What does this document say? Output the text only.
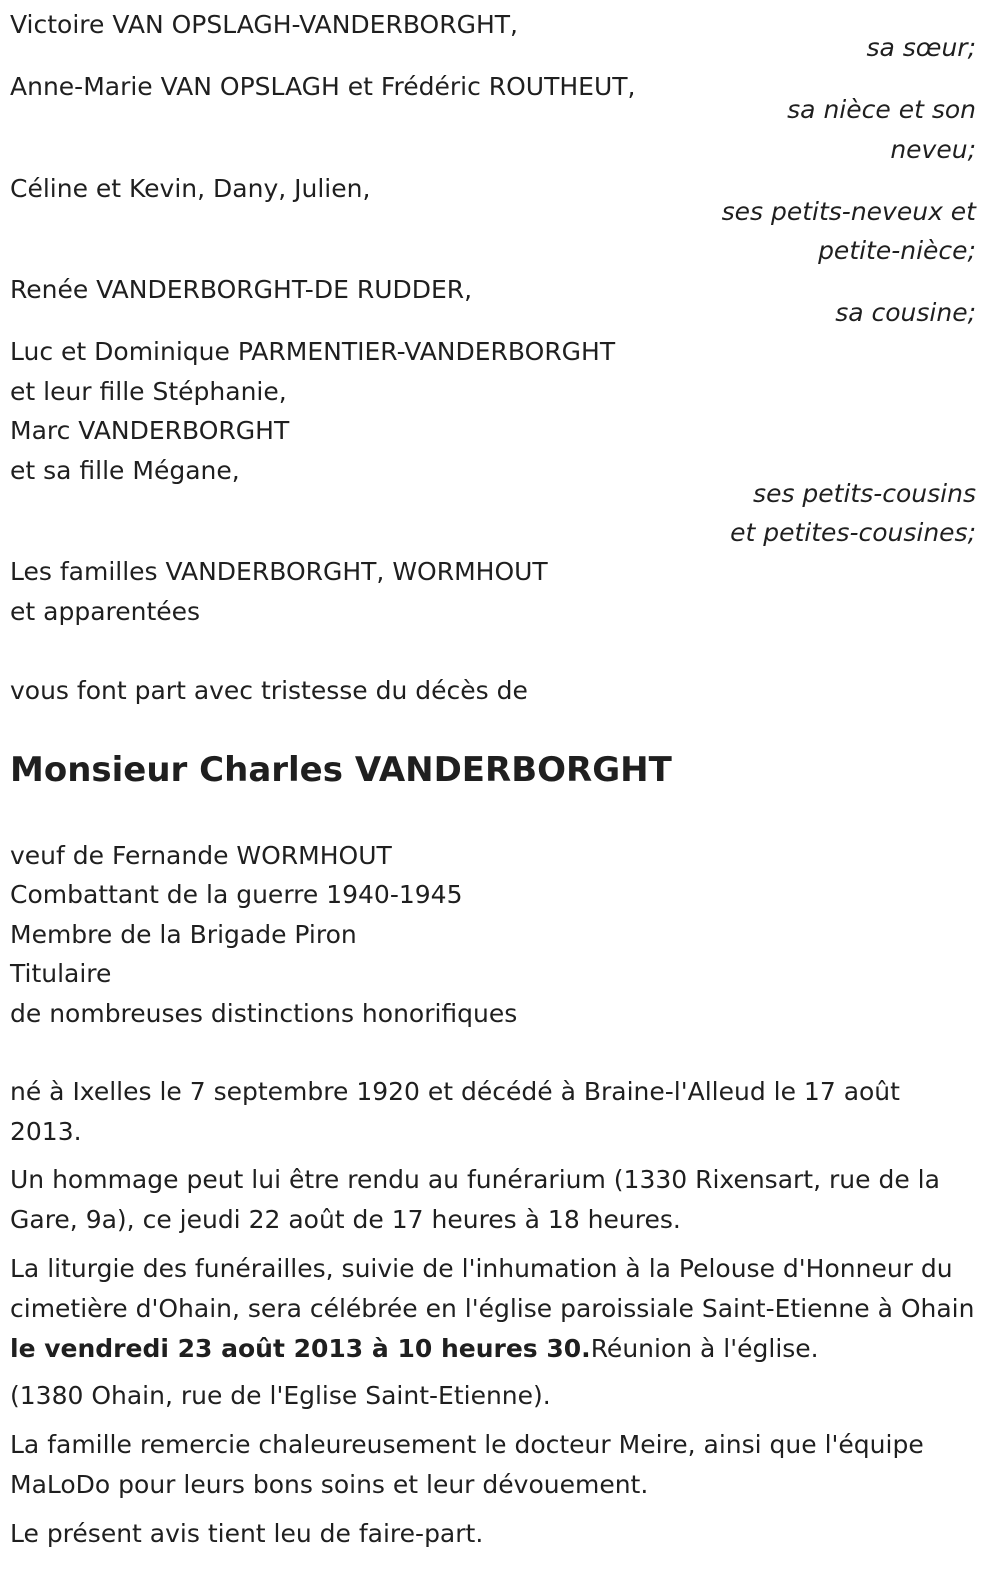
Victoire VAN OPSLAGH-VANDERBORGHT,
sa sœur;
Anne-Marie VAN OPSLAGH et Frédéric ROUTHEUT,
sa nièce et son
neveu;
Céline et Kevin, Dany, Julien,
ses petits-neveux et
petite-nièce;
Renée VANDERBORGHT-DE RUDDER,
sa cousine;
Luc et Dominique PARMENTIER-VANDERBORGHT
et leur fille Stéphanie,
Marc VANDERBORGHT
et sa fille Mégane,
ses petits-cousins
et petites-cousines;
Les familles VANDERBORGHT, WORMHOUT
et apparentées
vous font part avec tristesse du décès de
Monsieur Charles VANDERBORGHT
veuf de Fernande WORMHOUT
Combattant de la guerre 1940-1945
Membre de la Brigade Piron
Titulaire
de nombreuses distinctions honorifiques

né à Ixelles le 7 septembre 1920 et décédé à Braine-l'Alleud le 17 août 2013.

Un hommage peut lui être rendu au funérarium (1330 Rixensart, rue de la Gare, 9a), ce jeudi 22 août de 17 heures à 18 heures.

La liturgie des funérailles, suivie de l'inhumation à la Pelouse d'Honneur du cimetière d'Ohain, sera célébrée en l'église paroissiale Saint-Etienne à Ohain le vendredi 23 août 2013 à 10 heures 30.Réunion à l'église.

(1380 Ohain, rue de l'Eglise Saint-Etienne).

La famille remercie chaleureusement le docteur Meire, ainsi que l'équipe MaLoDo pour leurs bons soins et leur dévouement.

Le présent avis tient leu de faire-part.
